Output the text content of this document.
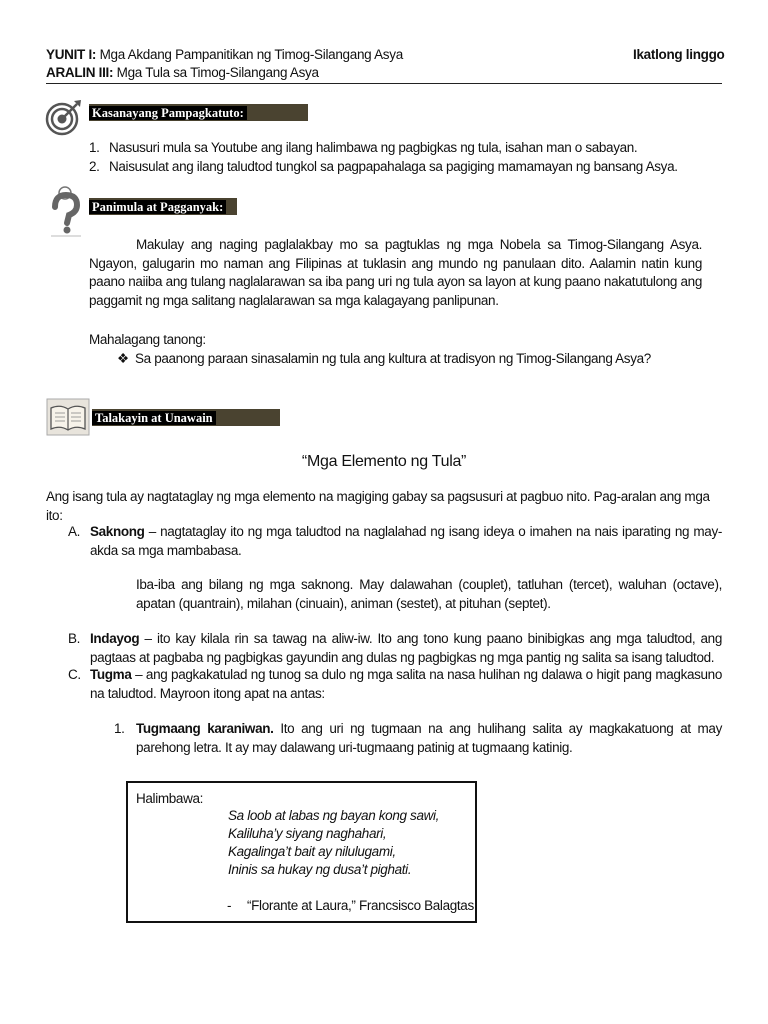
YUNIT I: Mga Akdang Pampanitikan ng Timog-Silangang Asya	Ikatlong linggo
ARALIN III: Mga Tula sa Timog-Silangang Asya
Kasanayang Pampagkatuto:
1. Nasusuri mula sa Youtube ang ilang halimbawa ng pagbigkas ng tula, isahan man o sabayan.
2. Naisusulat ang ilang taludtod tungkol sa pagpapahalaga sa pagiging mamamayan ng bansang Asya.
Panimula at Pagganyak:
Makulay ang naging paglalakbay mo sa pagtuklas ng mga Nobela sa Timog-Silangang Asya. Ngayon, galugarin mo naman ang Filipinas at tuklasin ang mundo ng panulaan dito. Aalamin natin kung paano naiiba ang tulang naglalarawan sa iba pang uri ng tula ayon sa layon at kung paano nakatutulong ang paggamit ng mga salitang naglalarawan sa mga kalagayang panlipunan.
Mahalagang tanong:
❖ Sa paanong paraan sinasalamin ng tula ang kultura at tradisyon ng Timog-Silangang Asya?
Talakayin at Unawain
“Mga Elemento ng Tula”
Ang isang tula ay nagtataglay ng mga elemento na magiging gabay sa pagsusuri at pagbuo nito. Pag-aralan ang mga ito:
A. Saknong – nagtataglay ito ng mga taludtod na naglalahad ng isang ideya o imahen na nais iparating ng may-akda sa mga mambabasa.
Iba-iba ang bilang ng mga saknong. May dalawahan (couplet), tatluhan (tercet), waluhan (octave), apatan (quantrain), milahan (cinuain), animan (sestet), at pituhan (septet).
B. Indayog – ito kay kilala rin sa tawag na aliw-iw. Ito ang tono kung paano binibigkas ang mga taludtod, ang pagtaas at pagbaba ng pagbigkas gayundin ang dulas ng pagbigkas ng mga pantig ng salita sa isang taludtod.
C. Tugma – ang pagkakatulad ng tunog sa dulo ng mga salita na nasa hulihan ng dalawa o higit pang magkasuno na taludtod. Mayroon itong apat na antas:
1. Tugmaang karaniwan. Ito ang uri ng tugmaan na ang hulihang salita ay magkakatuong at may parehong letra. It ay may dalawang uri-tugmaang patinig at tugmaang katinig.
Halimbawa:
Sa loob at labas ng bayan kong sawi,
Kaliluha’y siyang naghahari,
Kagalinga’t bait ay nilulugami,
Ininis sa hukay ng dusa’t pighati.
- “Florante at Laura,” Francsisco Balagtas
